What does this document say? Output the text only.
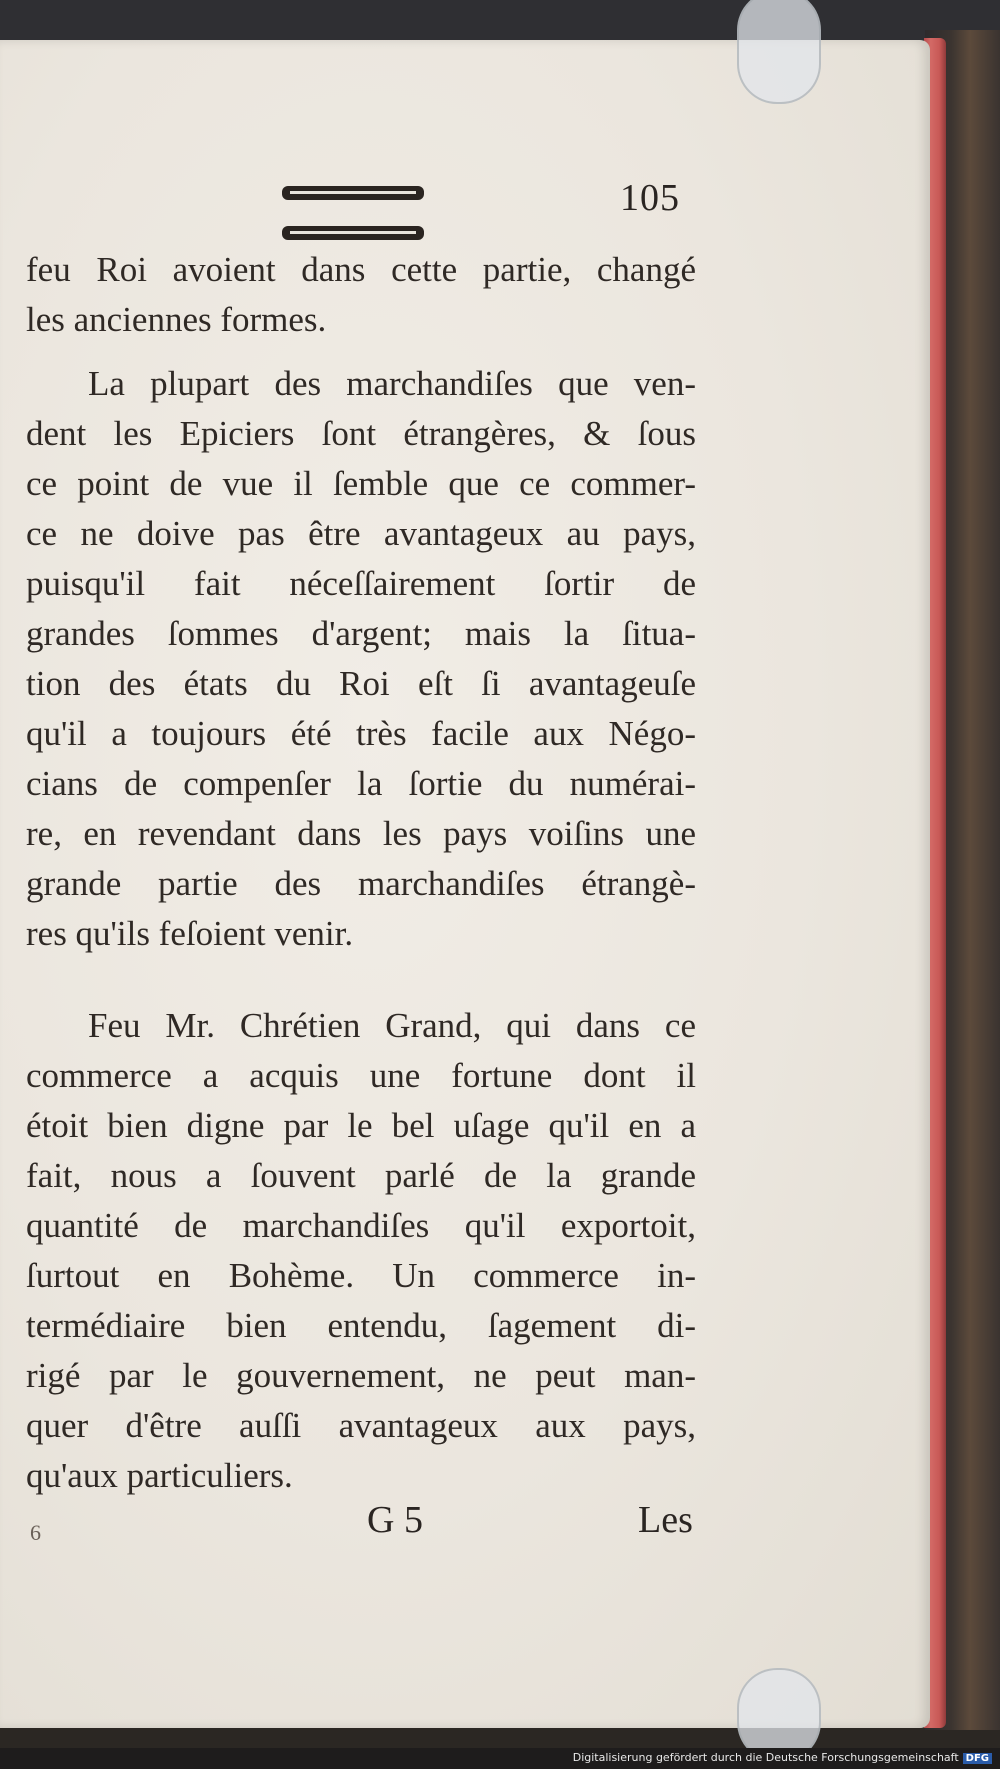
105
feu Roi avoient dans cette partie, changé
les anciennes formes.
La plupart des marchandiſes que ven-
dent les Epiciers ſont étrangères, & ſous
ce point de vue il ſemble que ce commer-
ce ne doive pas être avantageux au pays,
puisqu'il fait néceſſairement ſortir de
grandes ſommes d'argent; mais la ſitua-
tion des états du Roi eſt ſi avantageuſe
qu'il a toujours été très facile aux Négo-
cians de compenſer la ſortie du numérai-
re, en revendant dans les pays voiſins une
grande partie des marchandiſes étrangè-
res qu'ils feſoient venir.
Feu Mr. Chrétien Grand, qui dans ce
commerce a acquis une fortune dont il
étoit bien digne par le bel uſage qu'il en a
fait, nous a ſouvent parlé de la grande
quantité de marchandiſes qu'il exportoit,
ſurtout en Bohème. Un commerce in-
termédiaire bien entendu, ſagement di-
rigé par le gouvernement, ne peut man-
quer d'être auſſi avantageux aux pays,
qu'aux particuliers.
6	G 5	Les
Digitalisierung gefördert durch die Deutsche Forschungsgemeinschaft DFG
